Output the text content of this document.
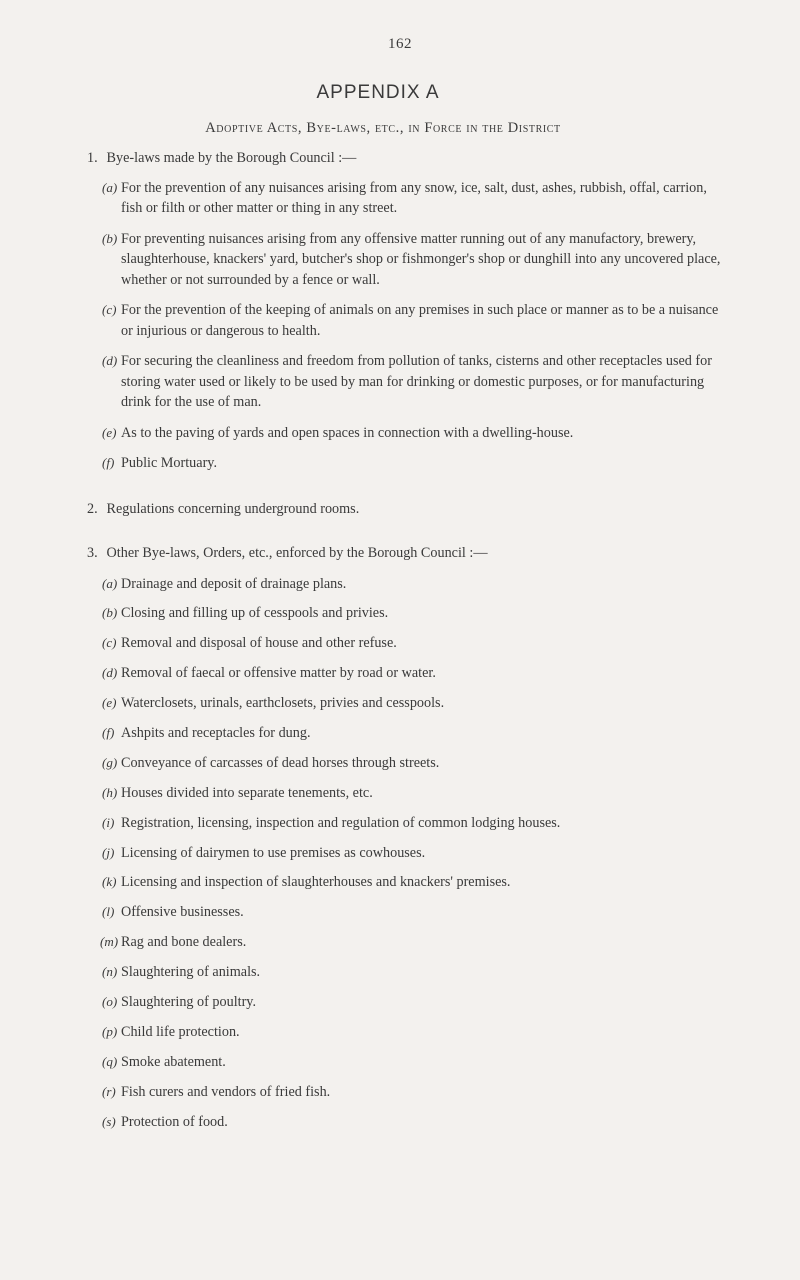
162
APPENDIX A
Adoptive Acts, Bye-laws, etc., in Force in the District

1. Bye-laws made by the Borough Council :—

(a) For the prevention of any nuisances arising from any snow, ice, salt, dust, ashes, rubbish, offal, carrion, fish or filth or other matter or thing in any street.
(b) For preventing nuisances arising from any offensive matter running out of any manufactory, brewery, slaughterhouse, knackers' yard, butcher's shop or fishmonger's shop or dunghill into any uncovered place, whether or not surrounded by a fence or wall.
(c) For the prevention of the keeping of animals on any premises in such place or manner as to be a nuisance or injurious or dangerous to health.
(d) For securing the cleanliness and freedom from pollution of tanks, cisterns and other receptacles used for storing water used or likely to be used by man for drinking or domestic purposes, or for manufacturing drink for the use of man.
(e) As to the paving of yards and open spaces in connection with a dwelling-house.
(f) Public Mortuary.

2. Regulations concerning underground rooms.

3. Other Bye-laws, Orders, etc., enforced by the Borough Council :—

(a) Drainage and deposit of drainage plans.
(b) Closing and filling up of cesspools and privies.
(c) Removal and disposal of house and other refuse.
(d) Removal of faecal or offensive matter by road or water.
(e) Waterclosets, urinals, earthclosets, privies and cesspools.
(f) Ashpits and receptacles for dung.
(g) Conveyance of carcasses of dead horses through streets.
(h) Houses divided into separate tenements, etc.
(i) Registration, licensing, inspection and regulation of common lodging houses.
(j) Licensing of dairymen to use premises as cowhouses.
(k) Licensing and inspection of slaughterhouses and knackers' premises.
(l) Offensive businesses.
(m) Rag and bone dealers.
(n) Slaughtering of animals.
(o) Slaughtering of poultry.
(p) Child life protection.
(q) Smoke abatement.
(r) Fish curers and vendors of fried fish.
(s) Protection of food.
